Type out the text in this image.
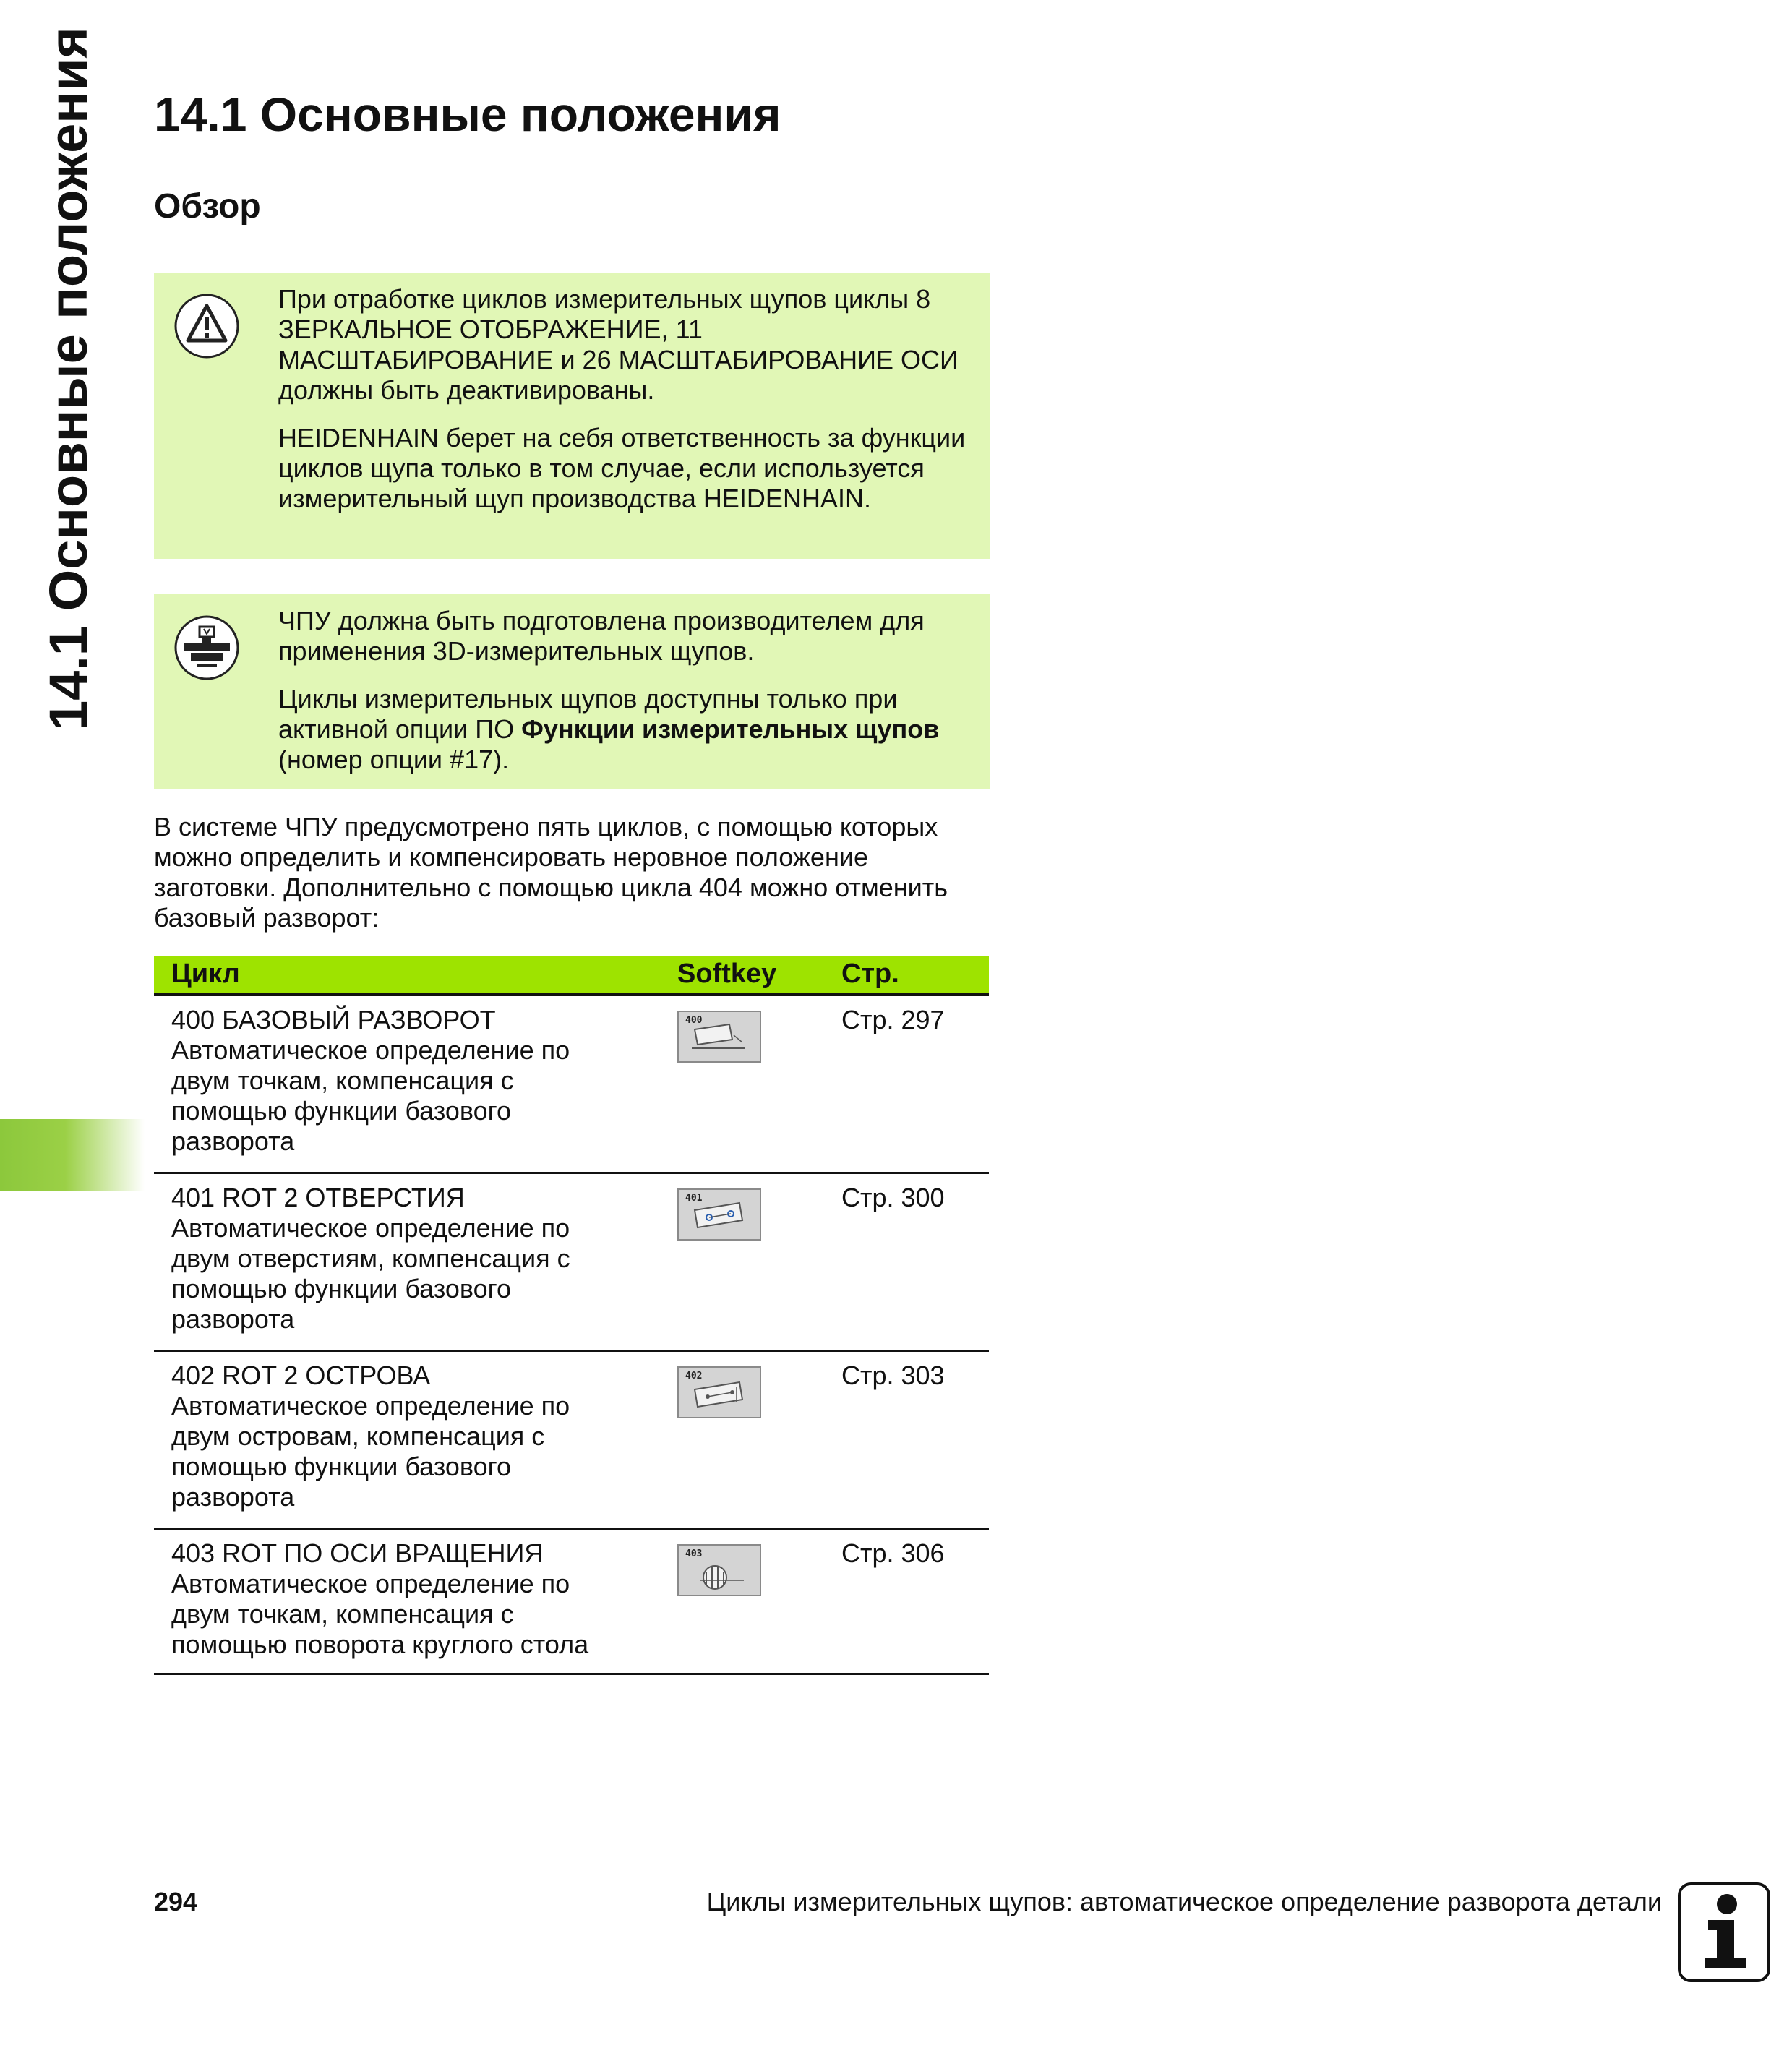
14.1 Основные положения 14.1 Основные положения
Обзор

При отработке циклов измерительных щупов циклы 8 ЗЕРКАЛЬНОЕ ОТОБРАЖЕНИЕ, 11 МАСШТАБИРОВАНИЕ и 26 МАСШТАБИРОВАНИЕ ОСИ должны быть деактивированы.

HEIDENHAIN берет на себя ответственность за функции циклов щупа только в том случае, если используется измерительный щуп производства HEIDENHAIN.

ЧПУ должна быть подготовлена производителем для применения 3D-измерительных щупов.

Циклы измерительных щупов доступны только при активной опции ПО Функции измерительных щупов (номер опции #17).

В системе ЧПУ предусмотрено пять циклов, с помощью которых можно определить и компенсировать неровное положение заготовки. Дополнительно с помощью цикла 404 можно отменить базовый разворот:

Цикл	Softkey Стр.
400 БАЗОВЫЙ РАЗВОРОТ
Автоматическое определение по
двум точкам, компенсация с
помощью функции базового
разворота
400	Стр. 297
401 ROT 2 ОТВЕРСТИЯ
Автоматическое определение по
двум отверстиям, компенсация с
помощью функции базового
разворота
401	Стр. 300
402 ROT 2 ОСТРОВА
Автоматическое определение по
двум островам, компенсация с
помощью функции базового
разворота
402	Стр. 303
403 ROT ПО ОСИ ВРАЩЕНИЯ
Автоматическое определение по
двум точкам, компенсация с
помощью поворота круглого стола
403	Стр. 306
294	Циклы измерительных щупов: автоматическое определение разворота детали
